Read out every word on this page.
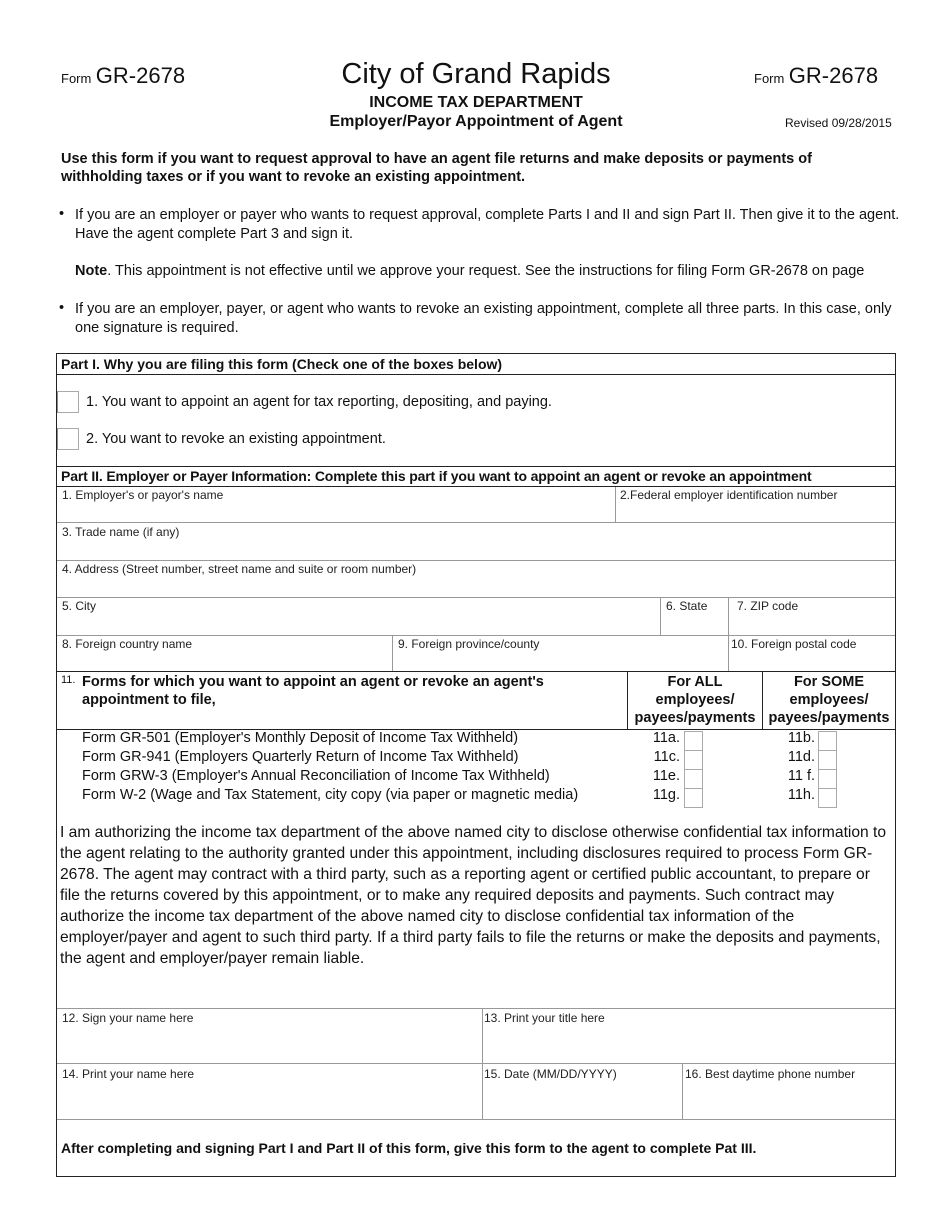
Form GR-2678	Form GR-2678
City of Grand Rapids
INCOME TAX DEPARTMENT
Employer/Payor Appointment of Agent	Revised 09/28/2015
Use this form if you want to request approval to have an agent file returns and make deposits or payments of withholding taxes or if you want to revoke an existing appointment.
• If you are an employer or payer who wants to request approval, complete Parts I and II and sign Part II. Then give it to the agent. Have the agent complete Part 3 and sign it.
Note. This appointment is not effective until we approve your request. See the instructions for filing Form GR-2678 on page
• If you are an employer, payer, or agent who wants to revoke an existing appointment, complete all three parts. In this case, only one signature is required.
Part I. Why you are filing this form (Check one of the boxes below)
1. You want to appoint an agent for tax reporting, depositing, and paying.
2. You want to revoke an existing appointment.
Part II. Employer or Payer Information: Complete this part if you want to appoint an agent or revoke an appointment
1. Employer's or payor's name	2.Federal employer identification number
3. Trade name (if any)
4. Address (Street number, street name and suite or room number)
5. City	6. State 7. ZIP code
8. Foreign country name	9. Foreign province/county	10. Foreign postal code
11. Forms for which you want to appoint an agent or revoke an agent's
appointment to file,
For ALL
employees/
payees/payments
For SOME
employees/
payees/payments
Form GR-501 (Employer's Monthly Deposit of Income Tax Withheld)	11a.	11b.
Form GR-941 (Employers Quarterly Return of Income Tax Withheld)	11c.	11d.
Form GRW-3 (Employer's Annual Reconciliation of Income Tax Withheld)	11e.	11 f.
Form W-2 (Wage and Tax Statement, city copy (via paper or magnetic media)	11g.	11h.
I am authorizing the income tax department of the above named city to disclose otherwise confidential tax information to the agent relating to the authority granted under this appointment, including disclosures required to process Form GR-2678. The agent may contract with a third party, such as a reporting agent or certified public accountant, to prepare or file the returns covered by this appointment, or to make any required deposits and payments. Such contract may authorize the income tax department of the above named city to disclose confidential tax information of the employer/payer and agent to such third party. If a third party fails to file the returns or make the deposits and payments, the agent and employer/payer remain liable.
12. Sign your name here	13. Print your title here
14. Print your name here	15. Date (MM/DD/YYYY)	16. Best daytime phone number
After completing and signing Part I and Part II of this form, give this form to the agent to complete Pat III.
